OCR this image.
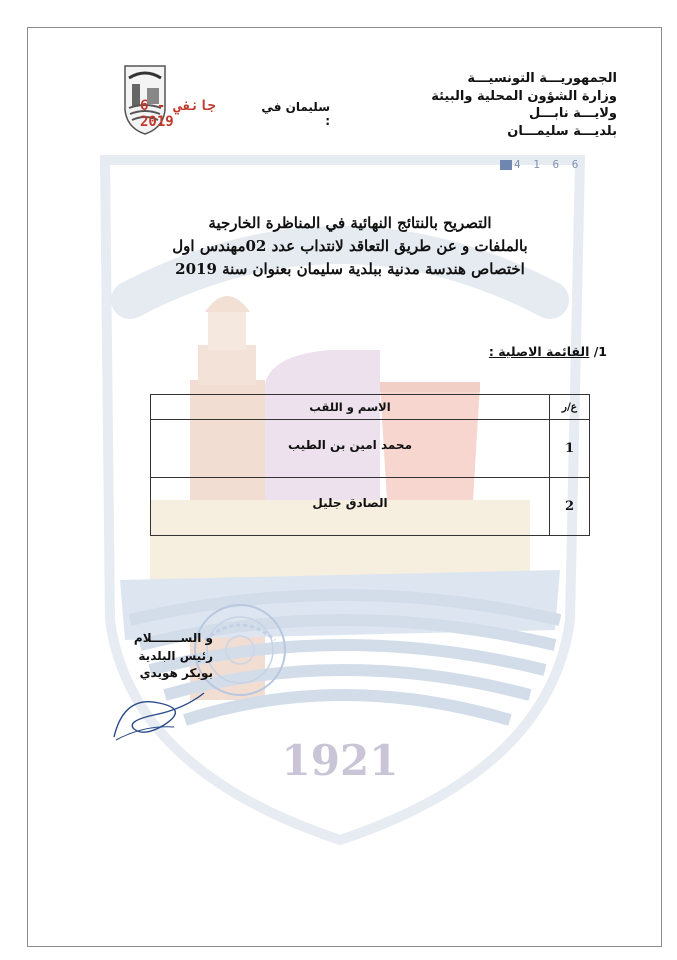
1921
الجمهوريـــة التونسيـــة
وزارة الشؤون المحلية والبيئة
ولايـــة نابـــل
بلديـــة سليمـــان
4 1 6 6
6 - جانفي 2019
سليمان في :
التصريح بالنتائج النهائية في المناظرة الخارجية
بالملفات و عن طريق التعاقد لانتداب عدد 02مهندس اول
اختصاص هندسة مدنية ببلدية سليمان بعنوان سنة 2019
1/ القائمة الاصلية :
ع/ر	الاسم و اللقب
1	محمد امين بن الطيب
2	الصادق جليل
و الســـــــلام
رئيس البلدية
بوبكر هويدي
